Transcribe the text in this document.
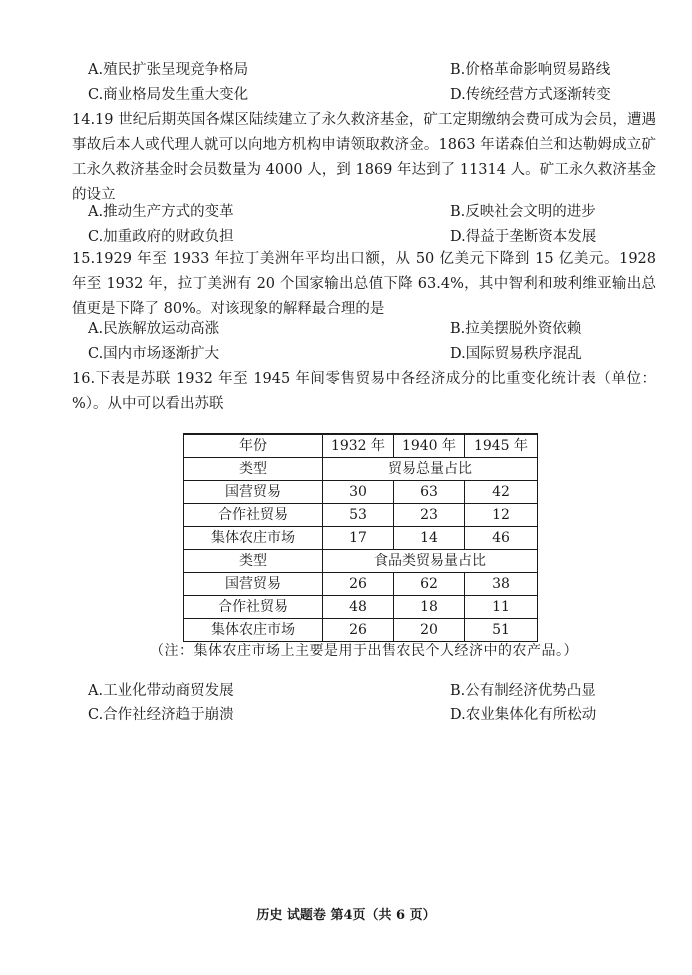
A.殖民扩张呈现竞争格局	B.价格革命影响贸易路线
C.商业格局发生重大变化	D.传统经营方式逐渐转变
14.19 世纪后期英国各煤区陆续建立了永久救济基金，矿工定期缴纳会费可成为会员，遭遇事故后本人或代理人就可以向地方机构申请领取救济金。1863 年诺森伯兰和达勒姆成立矿工永久救济基金时会员数量为 4000 人，到 1869 年达到了 11314 人。矿工永久救济基金的设立
A.推动生产方式的变革	B.反映社会文明的进步
C.加重政府的财政负担	D.得益于垄断资本发展
15.1929 年至 1933 年拉丁美洲年平均出口额，从 50 亿美元下降到 15 亿美元。1928 年至 1932 年，拉丁美洲有 20 个国家输出总值下降 63.4%，其中智利和玻利维亚输出总值更是下降了 80%。对该现象的解释最合理的是
A.民族解放运动高涨	B.拉美摆脱外资依赖
C.国内市场逐渐扩大	D.国际贸易秩序混乱
16.下表是苏联 1932 年至 1945 年间零售贸易中各经济成分的比重变化统计表（单位：%）。从中可以看出苏联
年份	1932 年	1940 年	1945 年
类型	贸易总量占比		
国营贸易	30	63	42
合作社贸易	53	23	12
集体农庄市场	17	14	46
类型	食品类贸易量占比		
国营贸易	26	62	38
合作社贸易	48	18	11
集体农庄市场	26	20	51
（注：集体农庄市场上主要是用于出售农民个人经济中的农产品。）
A.工业化带动商贸发展	B.公有制经济优势凸显
C.合作社经济趋于崩溃	D.农业集体化有所松动
历史 试题卷 第4页（共 6 页）
